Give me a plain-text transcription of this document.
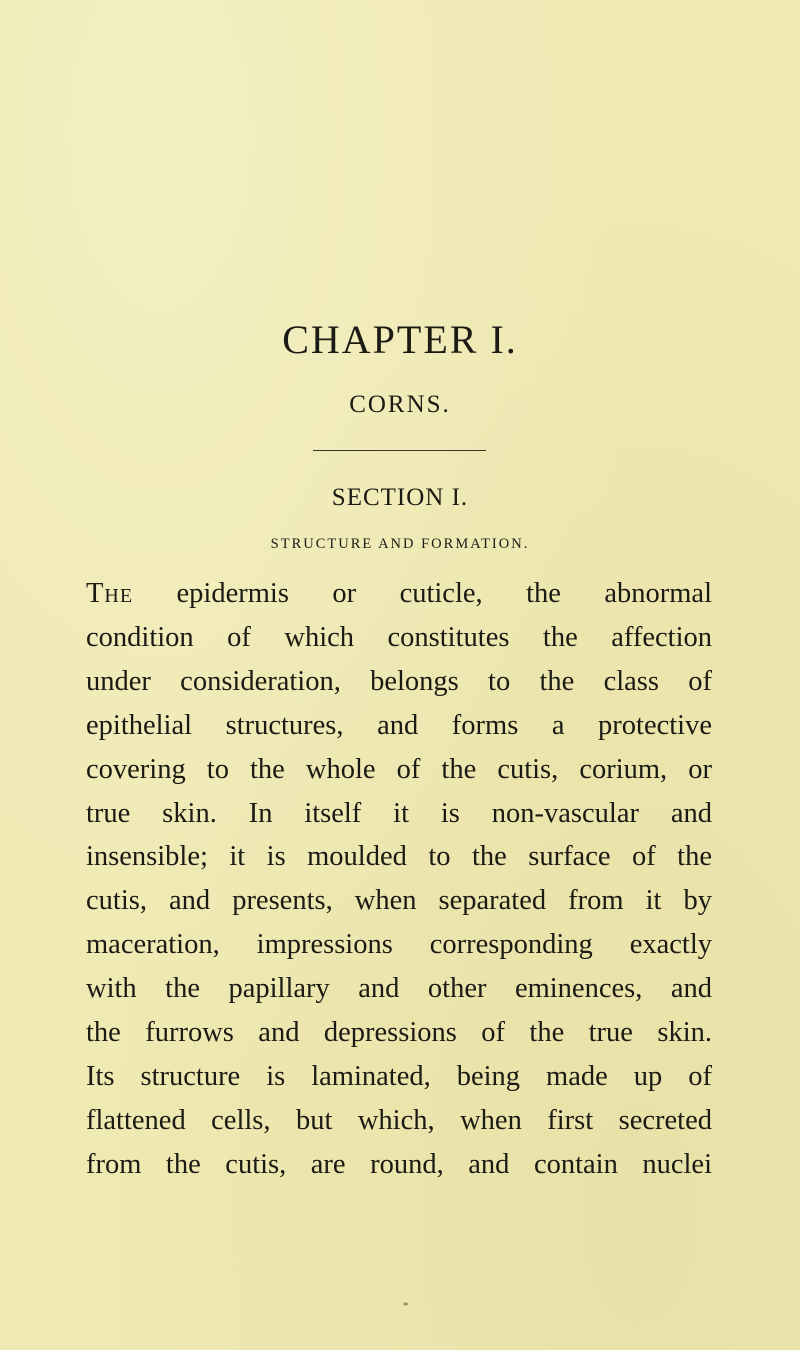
CHAPTER I.
CORNS.
SECTION I.
STRUCTURE AND FORMATION.
The epidermis or cuticle, the abnormal
condition of which constitutes the affection
under consideration, belongs to the class of
epithelial structures, and forms a protective
covering to the whole of the cutis, corium, or
true skin. In itself it is non-vascular and
insensible; it is moulded to the surface of the
cutis, and presents, when separated from it by
maceration, impressions corresponding exactly
with the papillary and other eminences, and
the furrows and depressions of the true skin.
Its structure is laminated, being made up of
flattened cells, but which, when first secreted
from the cutis, are round, and contain nuclei
*
